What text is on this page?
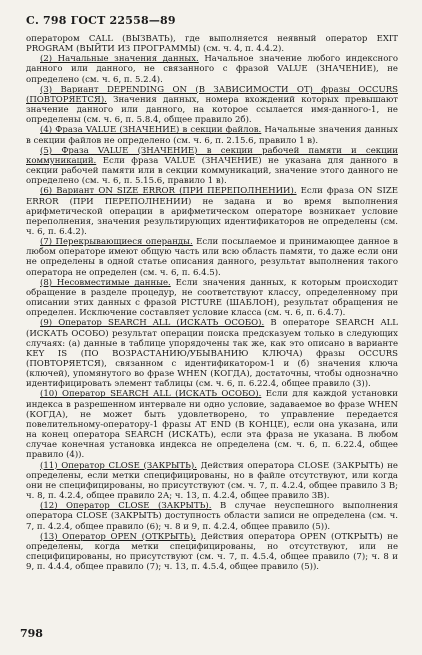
С. 798 ГОСТ 22558—89

оператором CALL (ВЫЗВАТЬ), где выполняется неявный оператор EXIT PROGRAM (ВЫЙТИ ИЗ ПРОГРАММЫ) (см. ч. 4, п. 4.4.2).

(2) Начальные значения данных. Начальное значение любого индексного данного или данного, не связанного с фразой VALUE (ЗНАЧЕНИЕ), не определено (см. ч. 6, п. 5.2.4).

(3) Вариант DEPENDING ON (В ЗАВИСИМОСТИ ОТ) фразы OCCURS (ПОВТОРЯЕТСЯ). Значения данных, номера вхождений которых превышают значение данного или данного, на которое ссылается имя-данного-1, не определены (см. ч. 6, п. 5.8.4, общее правило 2б).

(4) Фраза VALUE (ЗНАЧЕНИЕ) в секции файлов. Начальные значения данных в секции файлов не определено (см. ч. 6, п. 2.15.6, правило 1 в).

(5) Фраза VALUE (ЗНАЧЕНИЕ) в секции рабочей памяти и секции коммуникаций. Если фраза VALUE (ЗНАЧЕНИЕ) не указана для данного в секции рабочей памяти или в секции коммуникаций, значение этого данного не определено (см. ч. 6, п. 5.15.6, правило 1 в).

(6) Вариант ON SIZE ERROR (ПРИ ПЕРЕПОЛНЕНИИ). Если фраза ON SIZE ERROR (ПРИ ПЕРЕПОЛНЕНИИ) не задана и во время выполнения арифметической операции в арифметическом операторе возникает условие переполнения, значения результирующих идентификаторов не определены (см. ч. 6, п. 6.4.2).

(7) Перекрывающиеся операнды. Если посылаемое и принимающее данное в любом операторе имеют общую часть или всю область памяти, то даже если они не определены в одной статье описания данного, результат выполнения такого оператора не определен (см. ч. 6, п. 6.4.5).

(8) Несовместимые данные. Если значения данных, к которым происходит обращение в разделе процедур, не соответствуют классу, определенному при описании этих данных с фразой PICTURE (ШАБЛОН), результат обращения не определен. Исключение составляет условие класса (см. ч. 6, п. 6.4.7).

(9) Оператор SEARCH ALL (ИСКАТЬ ОСОБО). В операторе SEARCH ALL (ИСКАТЬ ОСОБО) результат операции поиска предсказуем только в следующих случаях: (а) данные в таблице упорядочены так же, как это описано в варианте KEY IS (ПО ВОЗРАСТАНИЮ/УБЫВАНИЮ КЛЮЧА) фразы OCCURS (ПОВТОРЯЕТСЯ), связанном с идентификатором-1 и (б) значения ключа (ключей), упомянутого во фразе WHEN (КОГДА), достаточны, чтобы однозначно идентифицировать элемент таблицы (см. ч. 6, п. 6.22.4, общее правило (3)).

(10) Оператор SEARCH ALL (ИСКАТЬ ОСОБО). Если для каждой установки индекса в разрешенном интервале ни одно условие, задаваемое во фразе WHEN (КОГДА), не может быть удовлетворено, то управление передается повелительному-оператору-1 фразы AT END (В КОНЦЕ), если она указана, или на конец оператора SEARCH (ИСКАТЬ), если эта фраза не указана. В любом случае конечная установка индекса не определена (см. ч. 6, п. 6.22.4, общее правило (4)).

(11) Оператор CLOSE (ЗАКРЫТЬ). Действия оператора CLOSE (ЗАКРЫТЬ) не определены, если метки специфицированы, но в файле отсутствуют, или когда они не специфицированы, но присутствуют (см. ч. 7, п. 4.2.4, общее правило 3 В; ч. 8, п. 4.2.4, общее правило 2А; ч. 13, п. 4.2.4, общее правило 3В).

(12) Оператор CLOSE (ЗАКРЫТЬ). В случае неуспешного выполнения оператора CLOSE (ЗАКРЫТЬ) доступность области записи не определена (см. ч. 7, п. 4.2.4, общее правило (6); ч. 8 и 9, п. 4.2.4, общее правило (5)).

(13) Оператор OPEN (ОТКРЫТЬ). Действия оператора OPEN (ОТКРЫТЬ) не определены, когда метки специфицированы, но отсутствуют, или не специфицированы, но присутствуют (см. ч. 7, п. 4.5.4, общее правило (7); ч. 8 и 9, п. 4.4.4, общее правило (7); ч. 13, п. 4.5.4, общее правило (5)).

798
